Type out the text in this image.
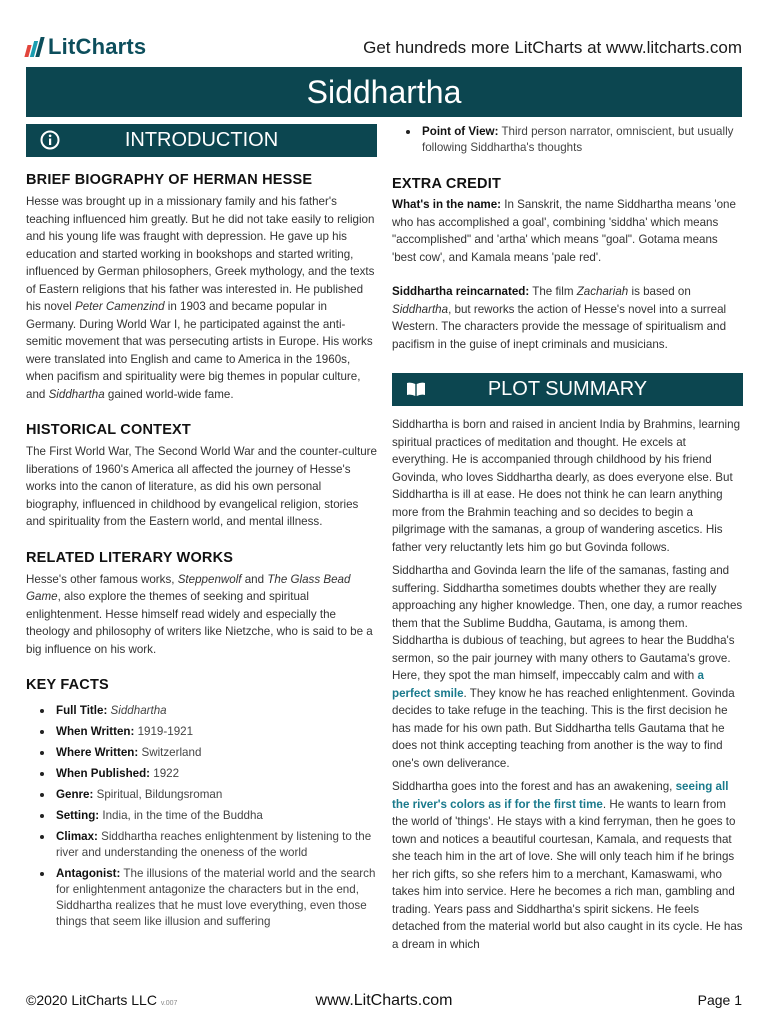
LitCharts	Get hundreds more LitCharts at www.litcharts.com
Siddhartha
INTRODUCTION
BRIEF BIOGRAPHY OF HERMAN HESSE

Hesse was brought up in a missionary family and his father's teaching influenced him greatly. But he did not take easily to religion and his young life was fraught with depression. He gave up his education and started working in bookshops and started writing, influenced by German philosophers, Greek mythology, and the texts of Eastern religions that his father was interested in. He published his novel Peter Camenzind in 1903 and became popular in Germany. During World War I, he participated against the anti-semitic movement that was persecuting artists in Europe. His works were translated into English and came to America in the 1960s, when pacifism and spirituality were big themes in popular culture, and Siddhartha gained world-wide fame.

HISTORICAL CONTEXT

The First World War, The Second World War and the counter-culture liberations of 1960's America all affected the journey of Hesse's works into the canon of literature, as did his own personal biography, influenced in childhood by evangelical religion, stories and spirituality from the Eastern world, and mental illness.

RELATED LITERARY WORKS

Hesse's other famous works, Steppenwolf and The Glass Bead Game, also explore the themes of seeking and spiritual enlightenment. Hesse himself read widely and especially the theology and philosophy of writers like Nietzche, who is said to be a big influence on his work.

KEY FACTS
Full Title: Siddhartha
When Written: 1919-1921
Where Written: Switzerland
When Published: 1922
Genre: Spiritual, Bildungsroman
Setting: India, in the time of the Buddha
Climax: Siddhartha reaches enlightenment by listening to the river and understanding the oneness of the world
Antagonist: The illusions of the material world and the search for enlightenment antagonize the characters but in the end, Siddhartha realizes that he must love everything, even those things that seem like illusion and suffering
Point of View: Third person narrator, omniscient, but usually following Siddhartha's thoughts
EXTRA CREDIT

What's in the name: In Sanskrit, the name Siddhartha means 'one who has accomplished a goal', combining 'siddha' which means "accomplished" and 'artha' which means "goal". Gotama means 'best cow', and Kamala means 'pale red'.

Siddhartha reincarnated: The film Zachariah is based on Siddhartha, but reworks the action of Hesse's novel into a surreal Western. The characters provide the message of spiritualism and pacifism in the guise of inept criminals and musicians.

PLOT SUMMARY

Siddhartha is born and raised in ancient India by Brahmins, learning spiritual practices of meditation and thought. He excels at everything. He is accompanied through childhood by his friend Govinda, who loves Siddhartha dearly, as does everyone else. But Siddhartha is ill at ease. He does not think he can learn anything more from the Brahmin teaching and so decides to begin a pilgrimage with the samanas, a group of wandering ascetics. His father very reluctantly lets him go but Govinda follows.

Siddhartha and Govinda learn the life of the samanas, fasting and suffering. Siddhartha sometimes doubts whether they are really approaching any higher knowledge. Then, one day, a rumor reaches them that the Sublime Buddha, Gautama, is among them. Siddhartha is dubious of teaching, but agrees to hear the Buddha's sermon, so the pair journey with many others to Gautama's grove. Here, they spot the man himself, impeccably calm and with a perfect smile. They know he has reached enlightenment. Govinda decides to take refuge in the teaching. This is the first decision he has made for his own path. But Siddhartha tells Gautama that he does not think accepting teaching from another is the way to find one's own deliverance.

Siddhartha goes into the forest and has an awakening, seeing all the river's colors as if for the first time. He wants to learn from the world of 'things'. He stays with a kind ferryman, then he goes to town and notices a beautiful courtesan, Kamala, and requests that she teach him in the art of love. She will only teach him if he brings her rich gifts, so she refers him to a merchant, Kamaswami, who takes him into service. Here he becomes a rich man, gambling and trading. Years pass and Siddhartha's spirit sickens. He feels detached from the material world but also caught in its cycle. He has a dream in which

©2020 LitCharts LLC v.007	www.LitCharts.com	Page 1
